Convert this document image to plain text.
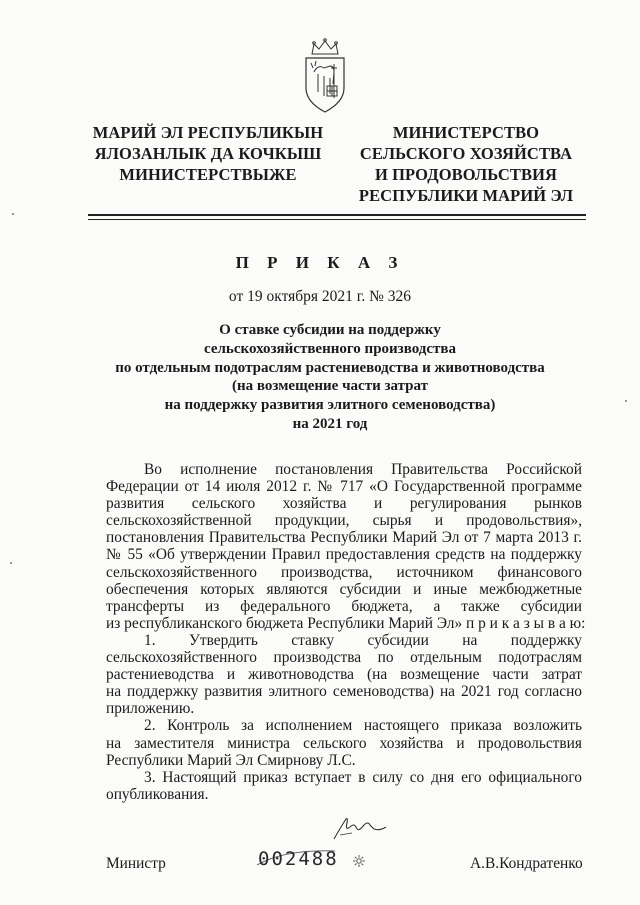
МАРИЙ ЭЛ РЕСПУБЛИКЫН
ЯЛОЗАНЛЫК ДА КОЧКЫШ
МИНИСТЕРСТВЫЖЕ
МИНИСТЕРСТВО
СЕЛЬСКОГО ХОЗЯЙСТВА
И ПРОДОВОЛЬСТВИЯ
РЕСПУБЛИКИ МАРИЙ ЭЛ
П Р И К А З
от 19 октября 2021 г. № 326
О ставке субсидии на поддержку
сельскохозяйственного производства
по отдельным подотраслям растениеводства и животноводства
(на возмещение части затрат
на поддержку развития элитного семеноводства)
на 2021 год
Во исполнение постановления Правительства Российской
Федерации от 14 июля 2012 г. № 717 «О Государственной программе
развития сельского хозяйства и регулирования рынков
сельскохозяйственной продукции, сырья и продовольствия»,
постановления Правительства Республики Марий Эл от 7 марта 2013 г.
№ 55 «Об утверждении Правил предоставления средств на поддержку
сельскохозяйственного производства, источником финансового
обеспечения которых являются субсидии и иные межбюджетные
трансферты из федерального бюджета, а также субсидии
из республиканского бюджета Республики Марий Эл» п р и к а з ы в а ю:
1. Утвердить ставку субсидии на поддержку
сельскохозяйственного производства по отдельным подотраслям
растениеводства и животноводства (на возмещение части затрат
на поддержку развития элитного семеноводства) на 2021 год согласно
приложению.
2. Контроль за исполнением настоящего приказа возложить
на заместителя министра сельского хозяйства и продовольствия
Республики Марий Эл Смирнову Л.С.
3. Настоящий приказ вступает в силу со дня его официального
опубликования.
Министр	002488	А.В.Кондратенко
